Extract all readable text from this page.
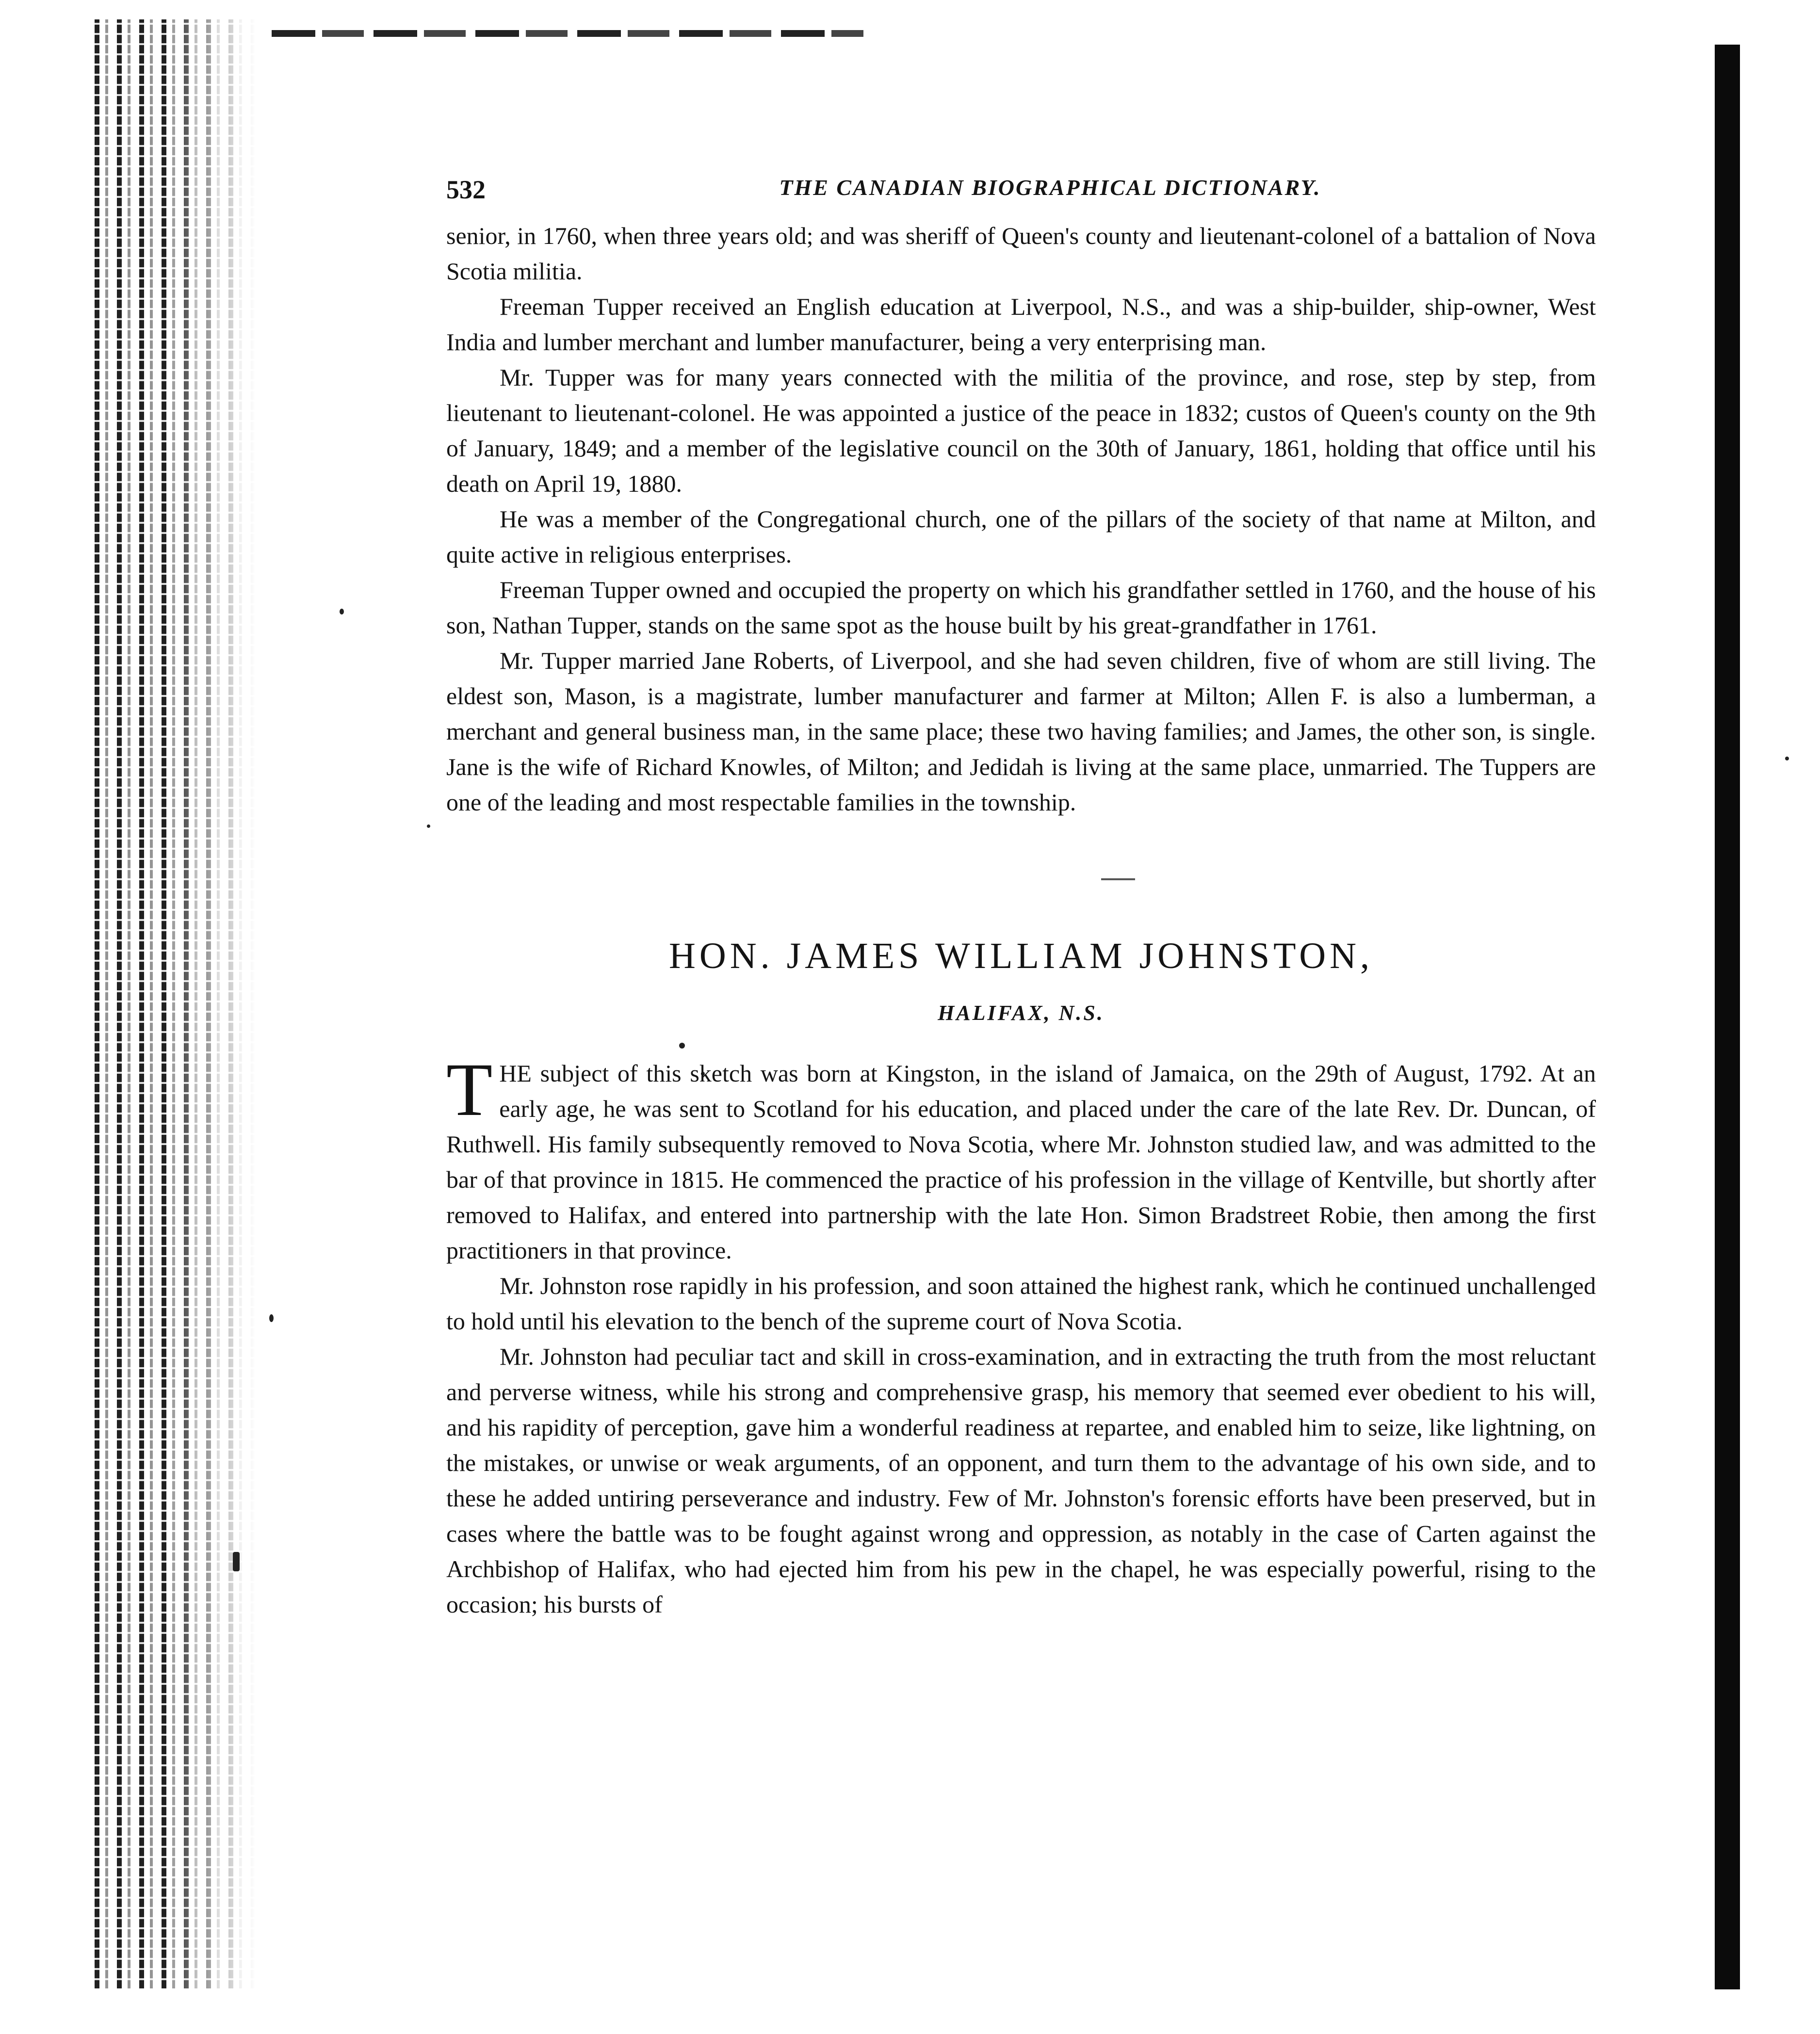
532	THE CANADIAN BIOGRAPHICAL DICTIONARY.

senior, in 1760, when three years old; and was sheriff of Queen's county and lieutenant-colonel of a battalion of Nova Scotia militia.

Freeman Tupper received an English education at Liverpool, N.S., and was a ship-builder, ship-owner, West India and lumber merchant and lumber manufacturer, being a very enterprising man.

Mr. Tupper was for many years connected with the militia of the province, and rose, step by step, from lieutenant to lieutenant-colonel. He was appointed a justice of the peace in 1832; custos of Queen's county on the 9th of January, 1849; and a member of the legislative council on the 30th of January, 1861, holding that office until his death on April 19, 1880.

He was a member of the Congregational church, one of the pillars of the society of that name at Milton, and quite active in religious enterprises.

Freeman Tupper owned and occupied the property on which his grandfather settled in 1760, and the house of his son, Nathan Tupper, stands on the same spot as the house built by his great-grandfather in 1761.

Mr. Tupper married Jane Roberts, of Liverpool, and she had seven children, five of whom are still living. The eldest son, Mason, is a magistrate, lumber manufacturer and farmer at Milton; Allen F. is also a lumberman, a merchant and general business man, in the same place; these two having families; and James, the other son, is single. Jane is the wife of Richard Knowles, of Milton; and Jedidah is living at the same place, unmarried. The Tuppers are one of the leading and most respectable families in the township.

HON. JAMES WILLIAM JOHNSTON,
HALIFAX, N.S.

THE subject of this sketch was born at Kingston, in the island of Jamaica, on the 29th of August, 1792. At an early age, he was sent to Scotland for his education, and placed under the care of the late Rev. Dr. Duncan, of Ruthwell. His family subsequently removed to Nova Scotia, where Mr. Johnston studied law, and was admitted to the bar of that province in 1815. He commenced the practice of his profession in the village of Kentville, but shortly after removed to Halifax, and entered into partnership with the late Hon. Simon Bradstreet Robie, then among the first practitioners in that province.

Mr. Johnston rose rapidly in his profession, and soon attained the highest rank, which he continued unchallenged to hold until his elevation to the bench of the supreme court of Nova Scotia.

Mr. Johnston had peculiar tact and skill in cross-examination, and in extracting the truth from the most reluctant and perverse witness, while his strong and comprehensive grasp, his memory that seemed ever obedient to his will, and his rapidity of perception, gave him a wonderful readiness at repartee, and enabled him to seize, like lightning, on the mistakes, or unwise or weak arguments, of an opponent, and turn them to the advantage of his own side, and to these he added untiring perseverance and industry. Few of Mr. Johnston's forensic efforts have been preserved, but in cases where the battle was to be fought against wrong and oppression, as notably in the case of Carten against the Archbishop of Halifax, who had ejected him from his pew in the chapel, he was especially powerful, rising to the occasion; his bursts of
